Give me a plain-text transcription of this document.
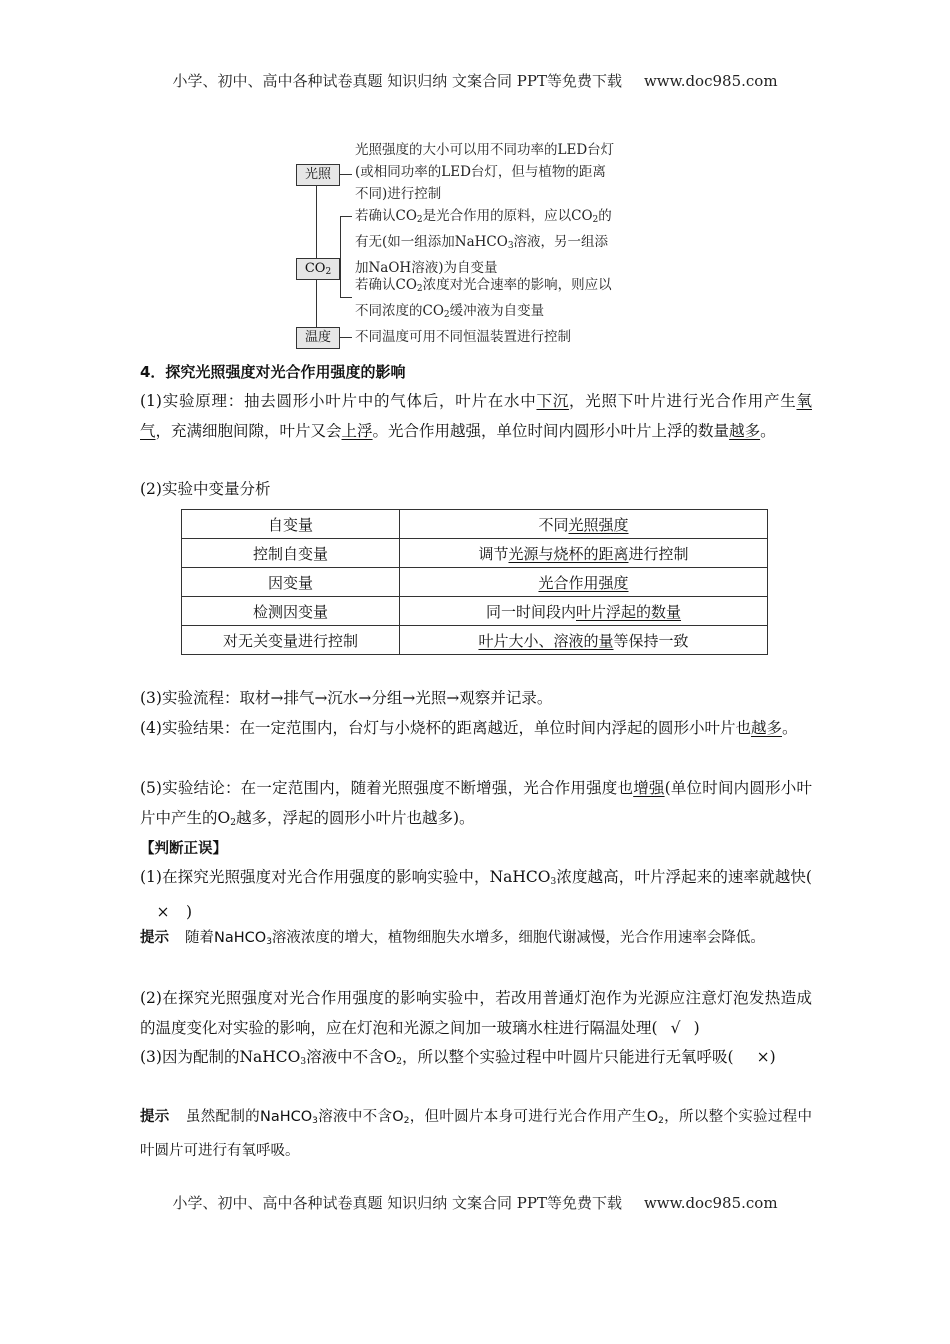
小学、初中、高中各种试卷真题 知识归纳 文案合同 PPT等免费下载 www.doc985.com
光照
$CO_2$
温度
光照强度的大小可以用不同功率的LED台灯
(或相同功率的LED台灯，但与植物的距离
不同)进行控制
若确认$CO_2$是光合作用的原料，应以$CO_2$的
有无(如一组添加NaHCO$_3$溶液，另一组添
加NaOH溶液)为自变量
若确认$CO_2$浓度对光合速率的影响，则应以
不同浓度的$CO_2$缓冲液为自变量
不同温度可用不同恒温装置进行控制
4．探究光照强度对光合作用强度的影响
(1)实验原理：抽去圆形小叶片中的气体后，叶片在水中下沉，光照下叶片进行光合作用产生氧气，充满细胞间隙，叶片又会上浮。光合作用越强，单位时间内圆形小叶片上浮的数量越多。
(2)实验中变量分析
自变量	不同光照强度
控制自变量	调节光源与烧杯的距离进行控制
因变量	光合作用强度
检测因变量	同一时间段内叶片浮起的数量
对无关变量进行控制	叶片大小、溶液的量等保持一致
(3)实验流程：取材→排气→沉水→分组→光照→观察并记录。
(4)实验结果：在一定范围内，台灯与小烧杯的距离越近，单位时间内浮起的圆形小叶片也越多。
(5)实验结论：在一定范围内，随着光照强度不断增强，光合作用强度也增强(单位时间内圆形小叶片中产生的$O_2$越多，浮起的圆形小叶片也越多)。
【判断正误】
(1)在探究光照强度对光合作用强度的影响实验中，NaHCO$_3$浓度越高，叶片浮起来的速率就越快(× )
提示 随着NaHCO$_3$溶液浓度的增大，植物细胞失水增多，细胞代谢减慢，光合作用速率会降低。
(2)在探究光照强度对光合作用强度的影响实验中，若改用普通灯泡作为光源应注意灯泡发热造成的温度变化对实验的影响，应在灯泡和光源之间加一玻璃水柱进行隔温处理( √ )
(3)因为配制的NaHCO$_3$溶液中不含$O_2$，所以整个实验过程中叶圆片只能进行无氧呼吸( ×)
提示 虽然配制的NaHCO$_3$溶液中不含$O_2$，但叶圆片本身可进行光合作用产生$O_2$，所以整个实验过程中叶圆片可进行有氧呼吸。
小学、初中、高中各种试卷真题 知识归纳 文案合同 PPT等免费下载 www.doc985.com
